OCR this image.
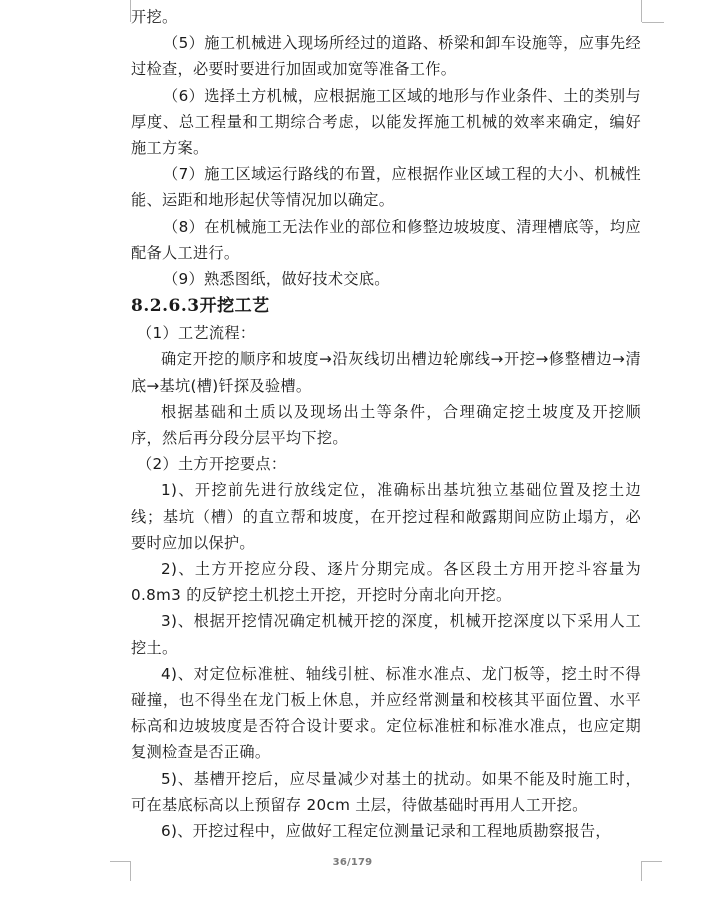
开挖。

（5）施工机械进入现场所经过的道路、桥梁和卸车设施等，应事先经过检查，必要时要进行加固或加宽等准备工作。

（6）选择土方机械，应根据施工区域的地形与作业条件、土的类别与厚度、总工程量和工期综合考虑，以能发挥施工机械的效率来确定，编好施工方案。

（7）施工区域运行路线的布置，应根据作业区域工程的大小、机械性能、运距和地形起伏等情况加以确定。

（8）在机械施工无法作业的部位和修整边坡坡度、清理槽底等，均应配备人工进行。

（9）熟悉图纸，做好技术交底。

8.2.6.3开挖工艺

（1）工艺流程：

确定开挖的顺序和坡度→沿灰线切出槽边轮廓线→开挖→修整槽边→清底→基坑(槽)钎探及验槽。

根据基础和土质以及现场出土等条件，合理确定挖土坡度及开挖顺序，然后再分段分层平均下挖。

（2）土方开挖要点：

1)、开挖前先进行放线定位，准确标出基坑独立基础位置及挖土边线；基坑（槽）的直立帮和坡度，在开挖过程和敞露期间应防止塌方，必要时应加以保护。

2)、土方开挖应分段、逐片分期完成。各区段土方用开挖斗容量为 0.8m3 的反铲挖土机挖土开挖，开挖时分南北向开挖。

3)、根据开挖情况确定机械开挖的深度，机械开挖深度以下采用人工挖土。

4)、对定位标准桩、轴线引桩、标准水准点、龙门板等，挖土时不得碰撞，也不得坐在龙门板上休息，并应经常测量和校核其平面位置、水平标高和边坡坡度是否符合设计要求。定位标准桩和标准水准点，也应定期复测检查是否正确。

5)、基槽开挖后，应尽量减少对基土的扰动。如果不能及时施工时，可在基底标高以上预留存 20cm 土层，待做基础时再用人工开挖。

6)、开挖过程中，应做好工程定位测量记录和工程地质勘察报告，

36/179
